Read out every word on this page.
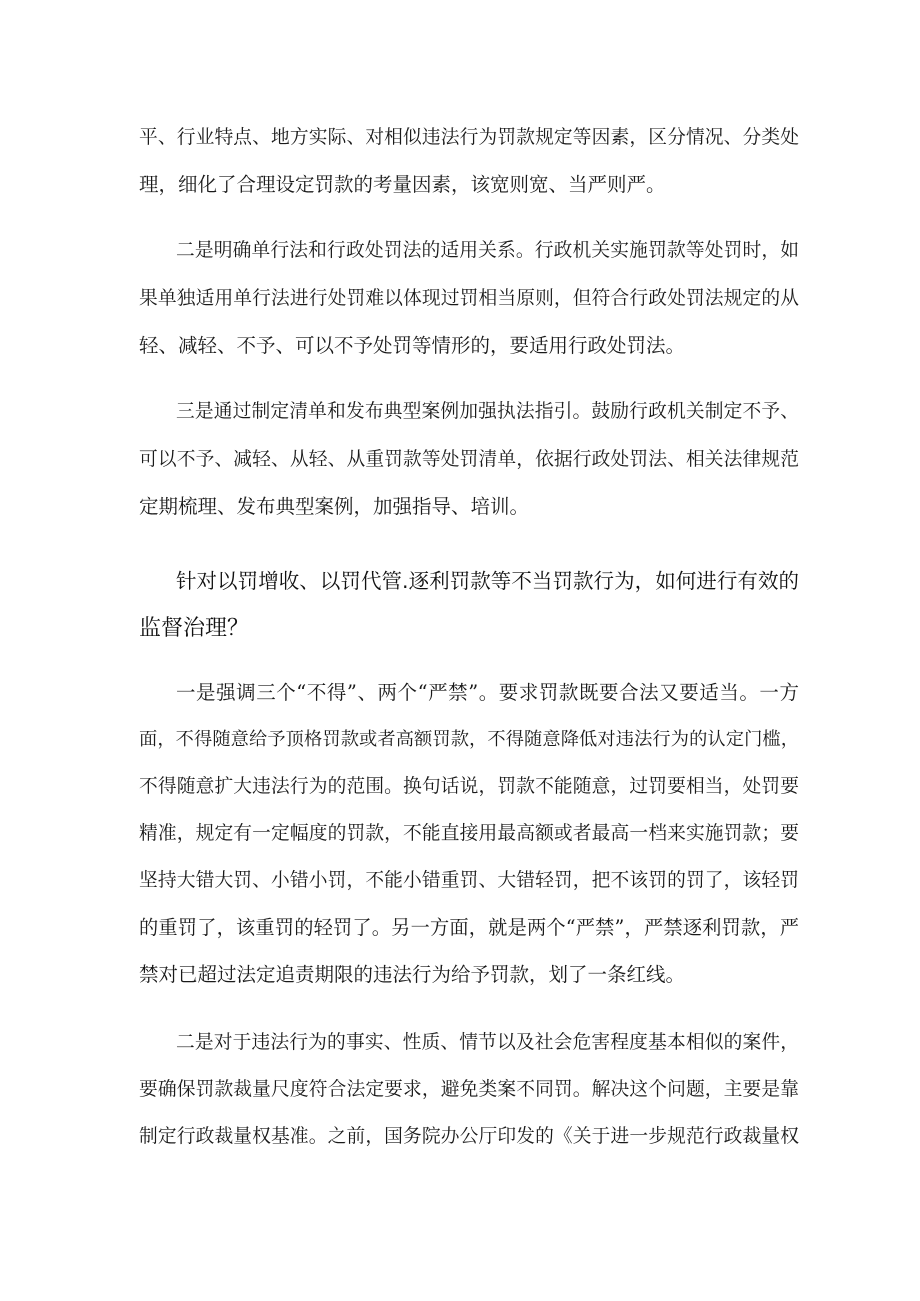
平、行业特点、地方实际、对相似违法行为罚款规定等因素，区分情况、分类处
理，细化了合理设定罚款的考量因素，该宽则宽、当严则严。
二是明确单行法和行政处罚法的适用关系。行政机关实施罚款等处罚时，如
果单独适用单行法进行处罚难以体现过罚相当原则，但符合行政处罚法规定的从
轻、减轻、不予、可以不予处罚等情形的，要适用行政处罚法。
三是通过制定清单和发布典型案例加强执法指引。鼓励行政机关制定不予、
可以不予、减轻、从轻、从重罚款等处罚清单，依据行政处罚法、相关法律规范
定期梳理、发布典型案例，加强指导、培训。
针对以罚增收、以罚代管.逐利罚款等不当罚款行为，如何进行有效的
监督治理？
一是强调三个“不得”、两个“严禁”。要求罚款既要合法又要适当。一方
面，不得随意给予顶格罚款或者高额罚款，不得随意降低对违法行为的认定门槛，
不得随意扩大违法行为的范围。换句话说，罚款不能随意，过罚要相当，处罚要
精准，规定有一定幅度的罚款，不能直接用最高额或者最高一档来实施罚款；要
坚持大错大罚、小错小罚，不能小错重罚、大错轻罚，把不该罚的罚了，该轻罚
的重罚了，该重罚的轻罚了。另一方面，就是两个“严禁”，严禁逐利罚款，严
禁对已超过法定追责期限的违法行为给予罚款，划了一条红线。
二是对于违法行为的事实、性质、情节以及社会危害程度基本相似的案件，
要确保罚款裁量尺度符合法定要求，避免类案不同罚。解决这个问题，主要是靠
制定行政裁量权基准。之前，国务院办公厅印发的《关于进一步规范行政裁量权
